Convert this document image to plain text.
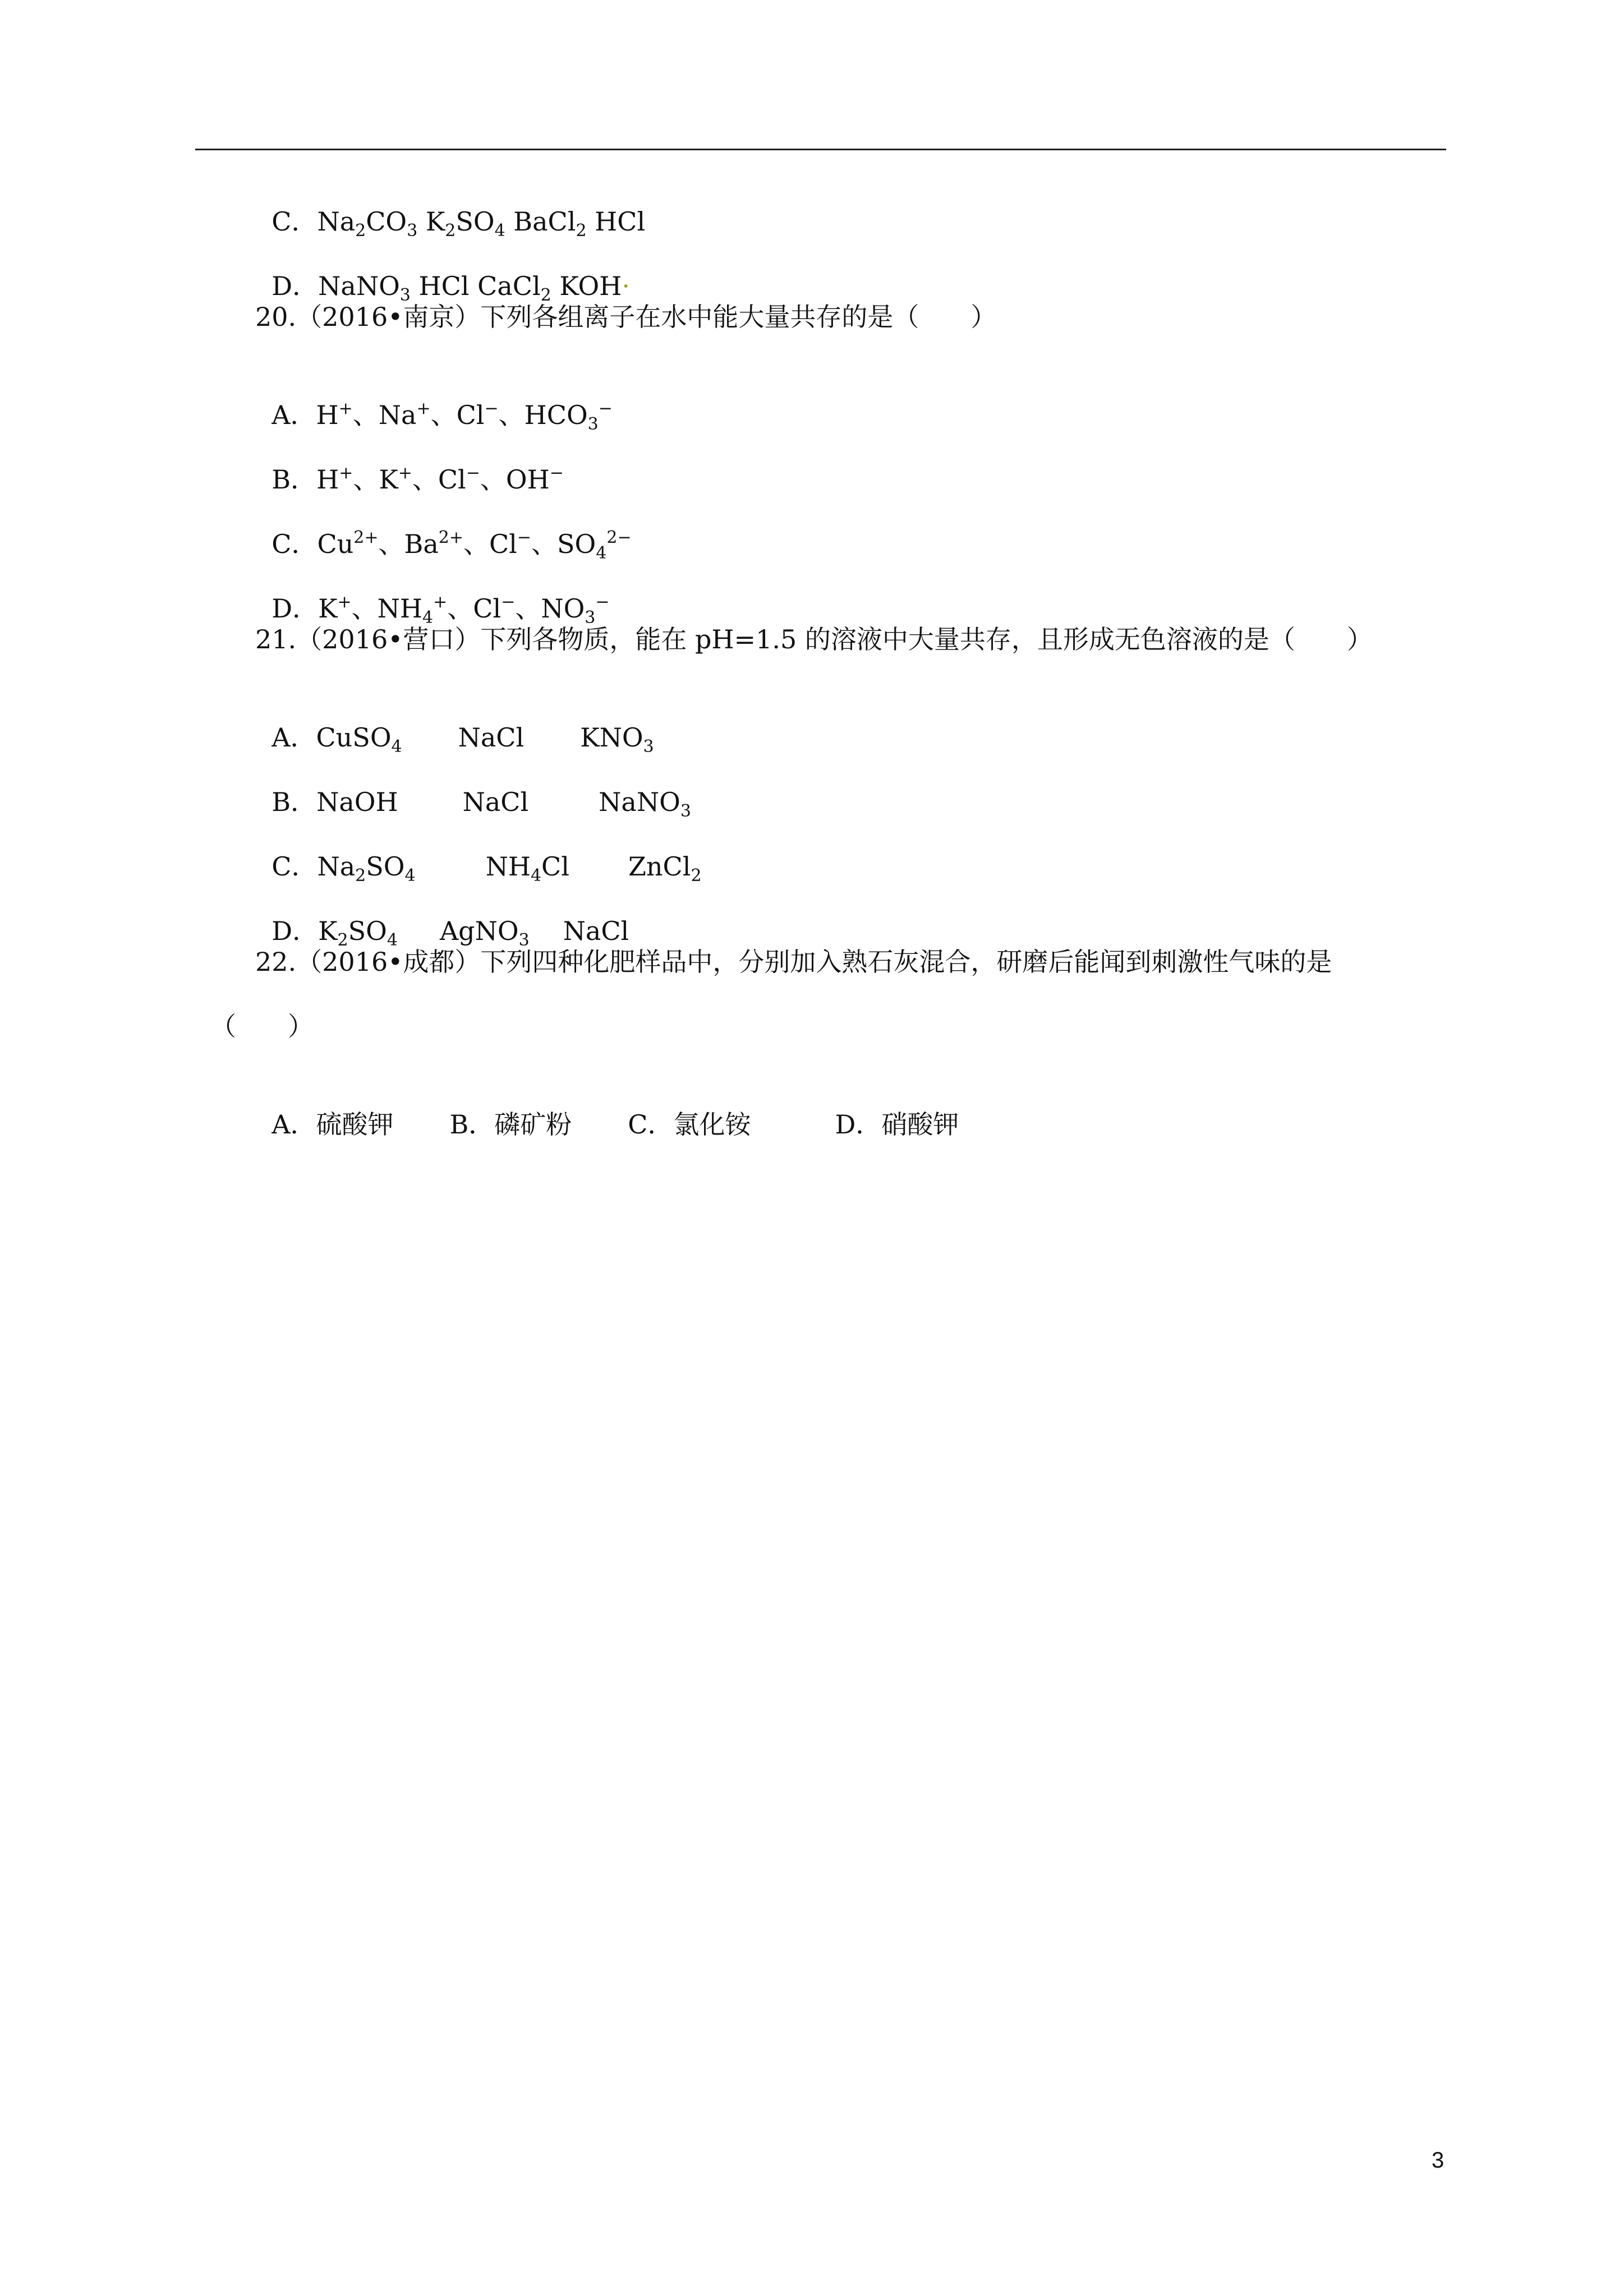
C．$Na_2CO_3$ $K_2SO_4$ BaCl$_2$ HCl

D．NaNO$_3$ HCl CaCl$_2$ KOH·

20.（2016•南京）下列各组离子在水中能大量共存的是（　　）

A．H+、Na+、Cl−、$HCO_3^-$

B．H+、K+、Cl−、OH−

C．$Cu^{2+}$、$Ba^{2+}$、Cl−、$SO_4^{2-}$

D．K+、$NH_4^+$、Cl−、$NO_3^-$

21.（2016•营口）下列各物质，能在 pH=1.5 的溶液中大量共存，且形成无色溶液的是（　　）

A．CuSO$_4$ NaCl $KNO_3$

B．NaOH	NaCl	NaNO$_3$

C．$Na_2SO_4$	$NH_4Cl$ ZnCl$_2$

D．$K_2SO_4$ AgNO$_3$ NaCl

22.（2016•成都）下列四种化肥样品中，分别加入熟石灰混合，研磨后能闻到刺激性气味的是
（　　）

A．硫酸钾 B．磷矿粉 C．氯化铵	D．硝酸钾

3
